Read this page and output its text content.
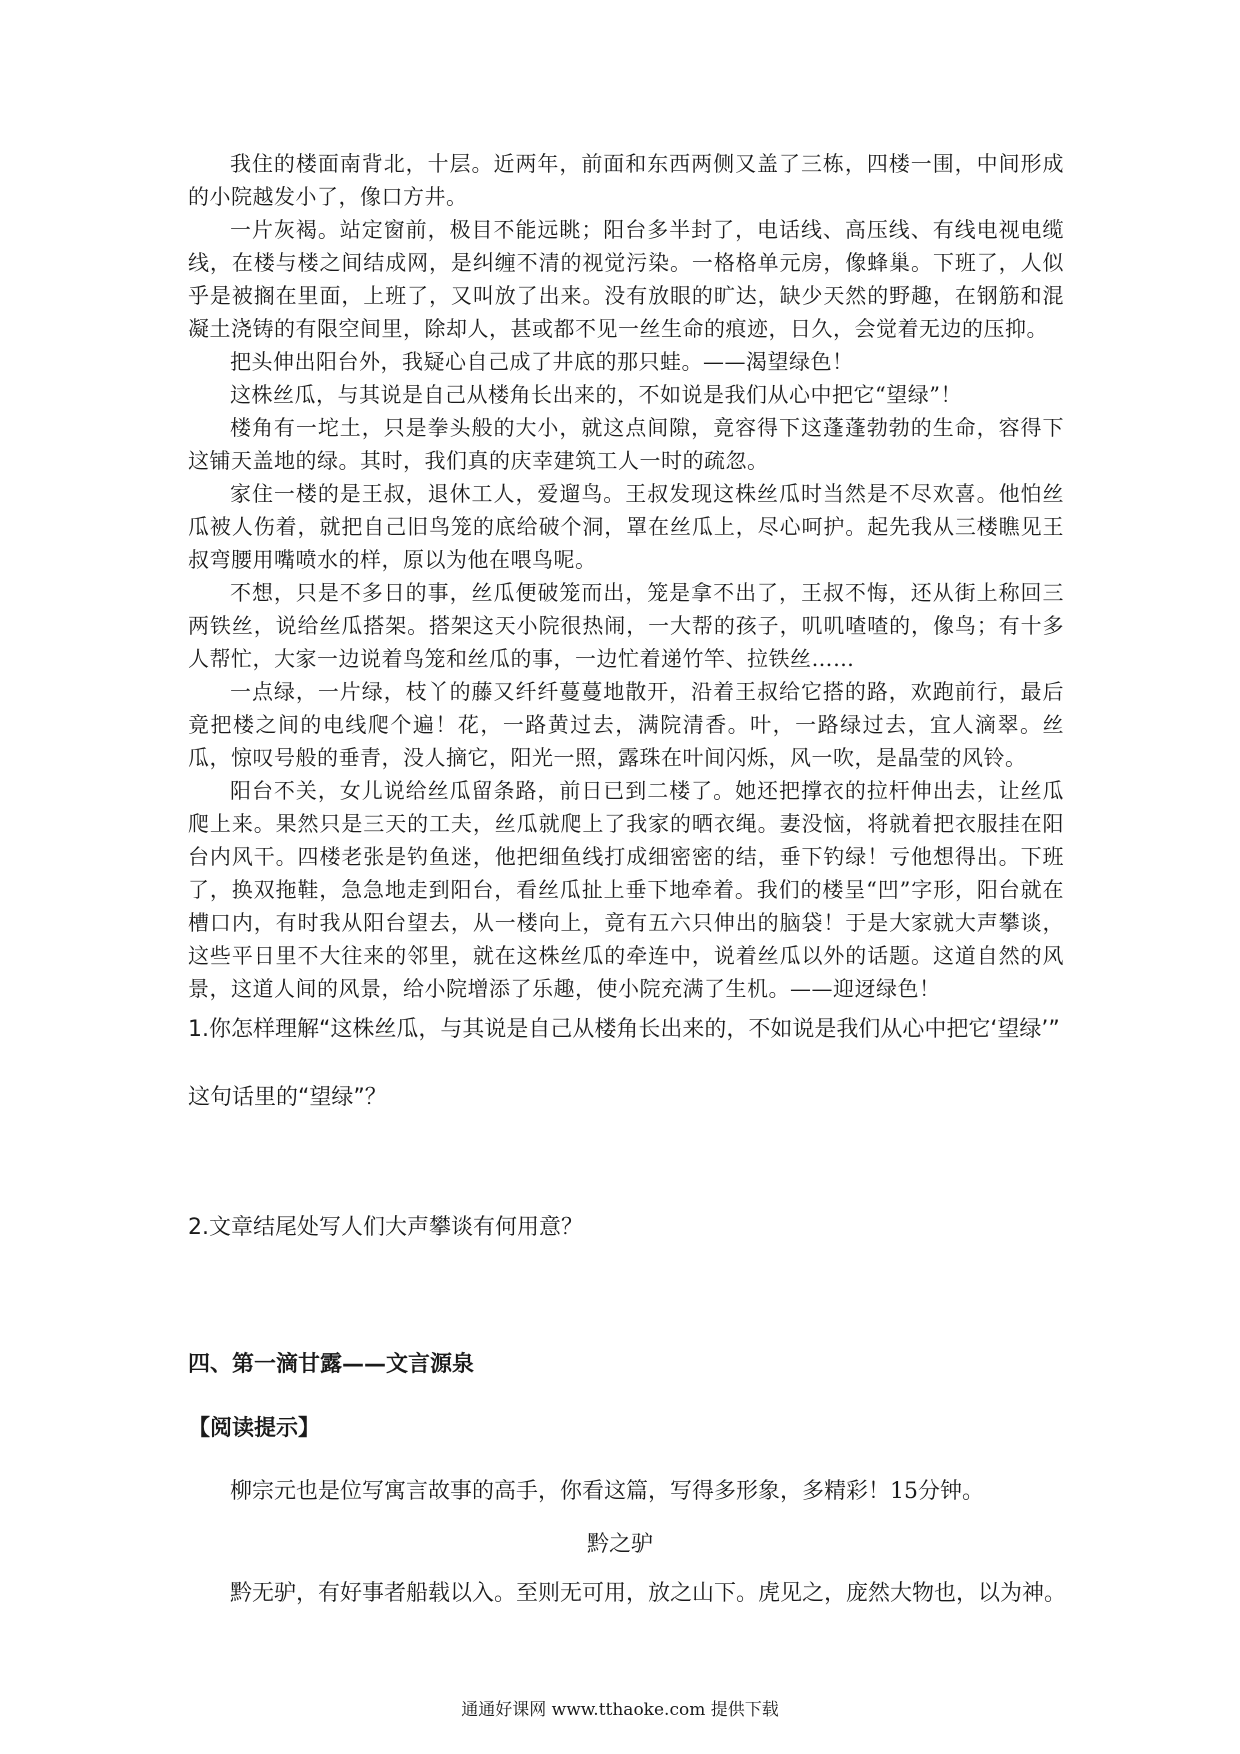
我住的楼面南背北，十层。近两年，前面和东西两侧又盖了三栋，四楼一围，中间形成的小院越发小了，像口方井。

一片灰褐。站定窗前，极目不能远眺；阳台多半封了，电话线、高压线、有线电视电缆线，在楼与楼之间结成网，是纠缠不清的视觉污染。一格格单元房，像蜂巢。下班了，人似乎是被搁在里面，上班了，又叫放了出来。没有放眼的旷达，缺少天然的野趣，在钢筋和混凝土浇铸的有限空间里，除却人，甚或都不见一丝生命的痕迹，日久，会觉着无边的压抑。

把头伸出阳台外，我疑心自己成了井底的那只蛙。——渴望绿色！

这株丝瓜，与其说是自己从楼角长出来的，不如说是我们从心中把它“望绿”！

楼角有一坨土，只是拳头般的大小，就这点间隙，竟容得下这蓬蓬勃勃的生命，容得下这铺天盖地的绿。其时，我们真的庆幸建筑工人一时的疏忽。

家住一楼的是王叔，退休工人，爱遛鸟。王叔发现这株丝瓜时当然是不尽欢喜。他怕丝瓜被人伤着，就把自己旧鸟笼的底给破个洞，罩在丝瓜上，尽心呵护。起先我从三楼瞧见王叔弯腰用嘴喷水的样，原以为他在喂鸟呢。

不想，只是不多日的事，丝瓜便破笼而出，笼是拿不出了，王叔不悔，还从街上称回三两铁丝，说给丝瓜搭架。搭架这天小院很热闹，一大帮的孩子，叽叽喳喳的，像鸟；有十多人帮忙，大家一边说着鸟笼和丝瓜的事，一边忙着递竹竿、拉铁丝……

一点绿，一片绿，枝丫的藤又纤纤蔓蔓地散开，沿着王叔给它搭的路，欢跑前行，最后竟把楼之间的电线爬个遍！花，一路黄过去，满院清香。叶，一路绿过去，宜人滴翠。丝瓜，惊叹号般的垂青，没人摘它，阳光一照，露珠在叶间闪烁，风一吹，是晶莹的风铃。

阳台不关，女儿说给丝瓜留条路，前日已到二楼了。她还把撑衣的拉杆伸出去，让丝瓜爬上来。果然只是三天的工夫，丝瓜就爬上了我家的晒衣绳。妻没恼，将就着把衣服挂在阳台内风干。四楼老张是钓鱼迷，他把细鱼线打成细密密的结，垂下钓绿！亏他想得出。下班了，换双拖鞋，急急地走到阳台，看丝瓜扯上垂下地牵着。我们的楼呈“凹”字形，阳台就在槽口内，有时我从阳台望去，从一楼向上，竟有五六只伸出的脑袋！于是大家就大声攀谈，这些平日里不大往来的邻里，就在这株丝瓜的牵连中，说着丝瓜以外的话题。这道自然的风景，这道人间的风景，给小院增添了乐趣，使小院充满了生机。——迎迓绿色！

1.你怎样理解“这株丝瓜，与其说是自己从楼角长出来的，不如说是我们从心中把它‘望绿’”
这句话里的“望绿”？
2.文章结尾处写人们大声攀谈有何用意？
四、第一滴甘露——文言源泉
【阅读提示】
柳宗元也是位写寓言故事的高手，你看这篇，写得多形象，多精彩！15分钟。
黔之驴
黔无驴，有好事者船载以入。至则无可用，放之山下。虎见之，庞然大物也，以为神。
通通好课网 www.tthaoke.com 提供下载
